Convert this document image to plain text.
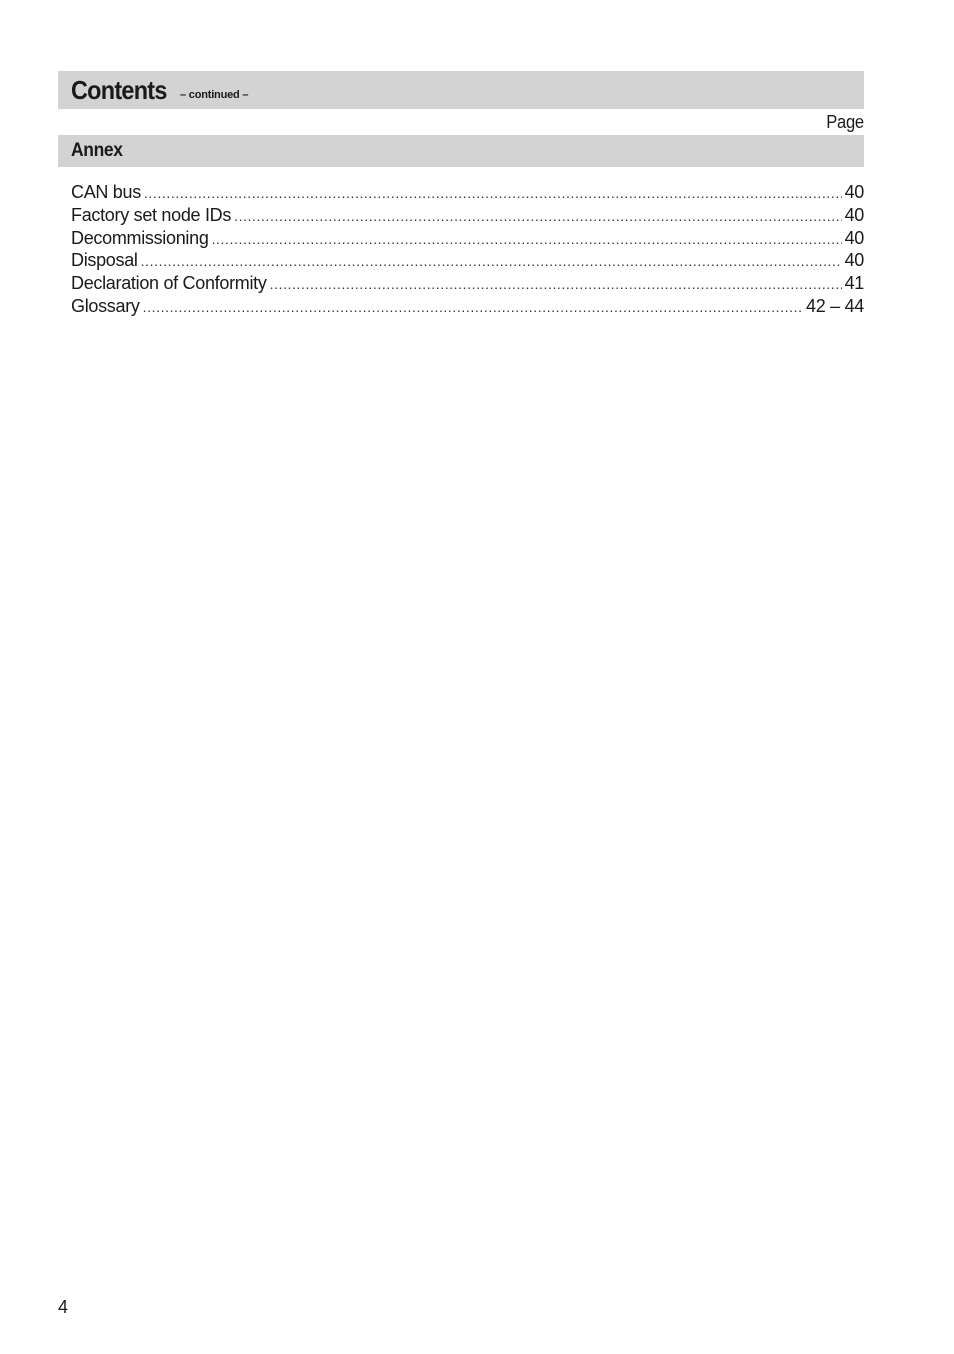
Contents – continued –
Page
Annex
CAN bus .....	40
Factory set node IDs .....	40
Decommissioning .....	40
Disposal .....	40
Declaration of Conformity .....	41
Glossary .....	42 – 44
4
